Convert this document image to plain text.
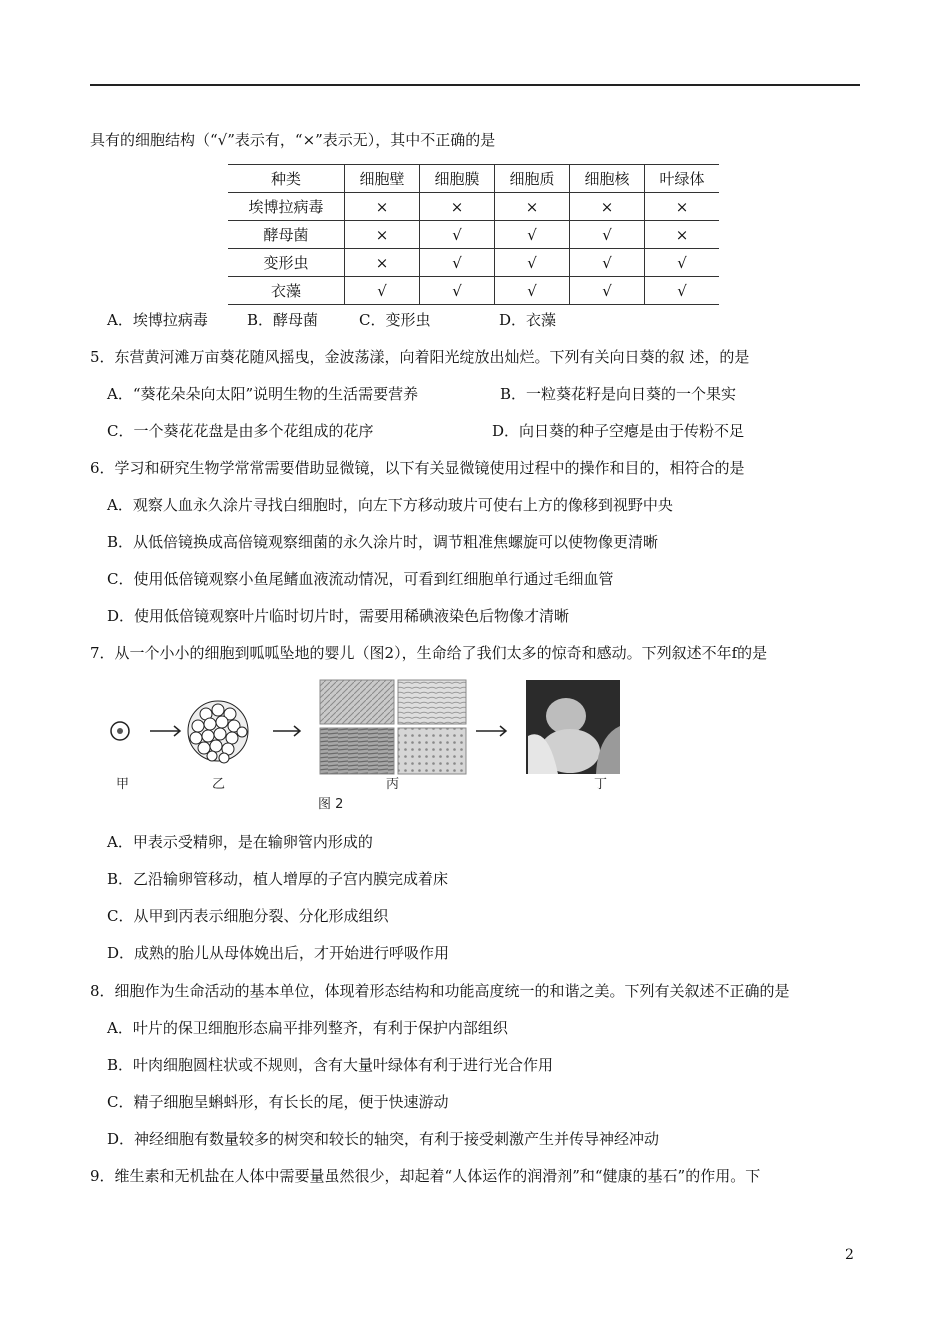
具有的细胞结构（“√”表示有，“×”表示无），其中不正确的是
种类	细胞壁	细胞膜	细胞质	细胞核	叶绿体
埃博拉病毒	×	×	×	×	×
酵母菌	×	√	√	√	×
变形虫	×	√	√	√	√
衣藻	√	√	√	√	√
A．埃博拉病毒	B．酵母菌	C．变形虫	D．衣藻
5．东营黄河滩万亩葵花随风摇曳，金波荡漾，向着阳光绽放出灿烂。下列有关向日葵的叙 述，的是
A．“葵花朵朵向太阳”说明生物的生活需要营养	B．一粒葵花籽是向日葵的一个果实
C．一个葵花花盘是由多个花组成的花序	D．向日葵的种子空瘪是由于传粉不足
6．学习和研究生物学常常需要借助显微镜，以下有关显微镜使用过程中的操作和目的，相符合的是
A．观察人血永久涂片寻找白细胞时，向左下方移动玻片可使右上方的像移到视野中央
B．从低倍镜换成高倍镜观察细菌的永久涂片时，调节粗准焦螺旋可以使物像更清晰
C．使用低倍镜观察小鱼尾鳍血液流动情况，可看到红细胞单行通过毛细血管
D．使用低倍镜观察叶片临时切片时，需要用稀碘液染色后物像才清晰
7．从一个小小的细胞到呱呱坠地的婴儿（图2），生命给了我们太多的惊奇和感动。下列叙述不年f的是
甲	乙	丙	丁
图 2
A．甲表示受精卵，是在输卵管内形成的
B．乙沿输卵管移动，植人增厚的子宫内膜完成着床
C．从甲到丙表示细胞分裂、分化形成组织
D．成熟的胎儿从母体娩出后，才开始进行呼吸作用
8．细胞作为生命活动的基本单位，体现着形态结构和功能高度统一的和谐之美。下列有关叙述不正确的是
A．叶片的保卫细胞形态扁平排列整齐，有利于保护内部组织
B．叶肉细胞圆柱状或不规则，含有大量叶绿体有利于进行光合作用
C．精子细胞呈蝌蚪形，有长长的尾，便于快速游动
D．神经细胞有数量较多的树突和较长的轴突，有利于接受刺激产生并传导神经冲动
9．维生素和无机盐在人体中需要量虽然很少，却起着“人体运作的润滑剂”和“健康的基石”的作用。下
2
